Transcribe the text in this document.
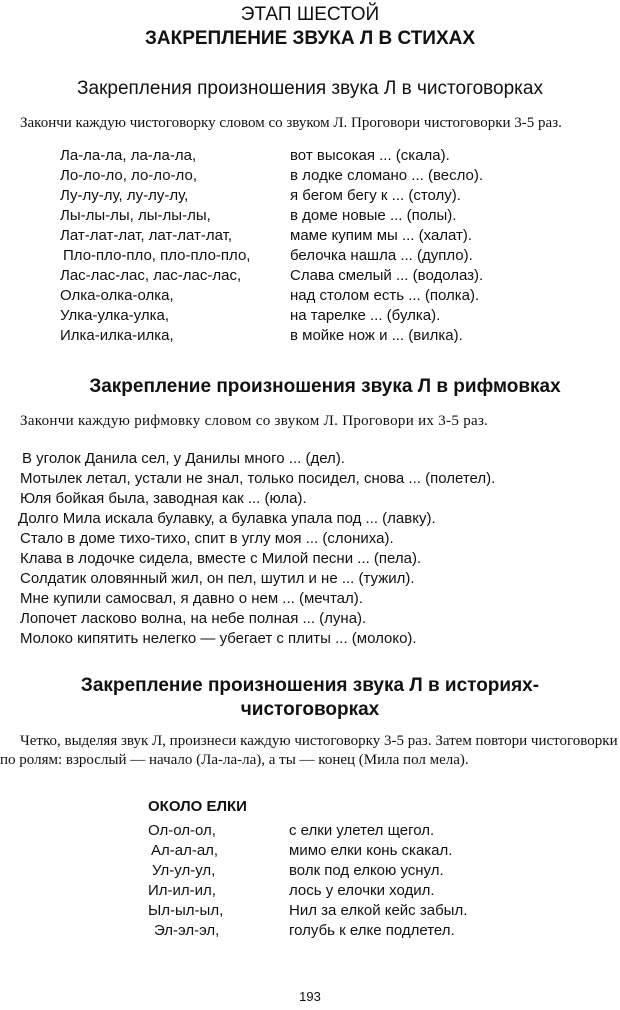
ЭТАП ШЕСТОЙ
ЗАКРЕПЛЕНИЕ ЗВУКА Л В СТИХАХ
Закрепления произношения звука Л в чистоговорках
Закончи каждую чистоговорку словом со звуком Л. Проговори чистоговорки 3-5 раз.
Ла-ла-ла, ла-ла-ла,	вот высокая ... (скала).
Ло-ло-ло, ло-ло-ло,	в лодке сломано ... (весло).
Лу-лу-лу, лу-лу-лу,	я бегом бегу к ... (столу).
Лы-лы-лы, лы-лы-лы,	в доме новые ... (полы).
Лат-лат-лат, лат-лат-лат,	маме купим мы ... (халат).
Пло-пло-пло, пло-пло-пло,	белочка нашла ... (дупло).
Лас-лас-лас, лас-лас-лас,	Слава смелый ... (водолаз).
Олка-олка-олка,	над столом есть ... (полка).
Улка-улка-улка,	на тарелке ... (булка).
Илка-илка-илка,	в мойке нож и ... (вилка).
Закрепление произношения звука Л в рифмовках
Закончи каждую рифмовку словом со звуком Л. Проговори их 3-5 раз.
В уголок Данила сел, у Данилы много ... (дел).
Мотылек летал, устали не знал, только посидел, снова ... (полетел).
Юля бойкая была, заводная как ... (юла).
Долго Мила искала булавку, а булавка упала под ... (лавку).
Стало в доме тихо-тихо, спит в углу моя ... (слониха).
Клава в лодочке сидела, вместе с Милой песни ... (пела).
Солдатик оловянный жил, он пел, шутил и не ... (тужил).
Мне купили самосвал, я давно о нем ... (мечтал).
Лопочет ласково волна, на небе полная ... (луна).
Молоко кипятить нелегко — убегает с плиты ... (молоко).
Закрепление произношения звука Л в историях-
чистоговорках
Четко, выделяя звук Л, произнеси каждую чистоговорку 3-5 раз. Затем повтори чистоговорки по ролям: взрослый — начало (Ла-ла-ла), а ты — конец (Мила пол мела).
ОКОЛО ЕЛКИ
Ол-ол-ол,	с елки улетел щегол.
Ал-ал-ал,	мимо елки конь скакал.
Ул-ул-ул,	волк под елкою уснул.
Ил-ил-ил,	лось у елочки ходил.
Ыл-ыл-ыл,	Нил за елкой кейс забыл.
Эл-эл-эл,	голубь к елке подлетел.
193
